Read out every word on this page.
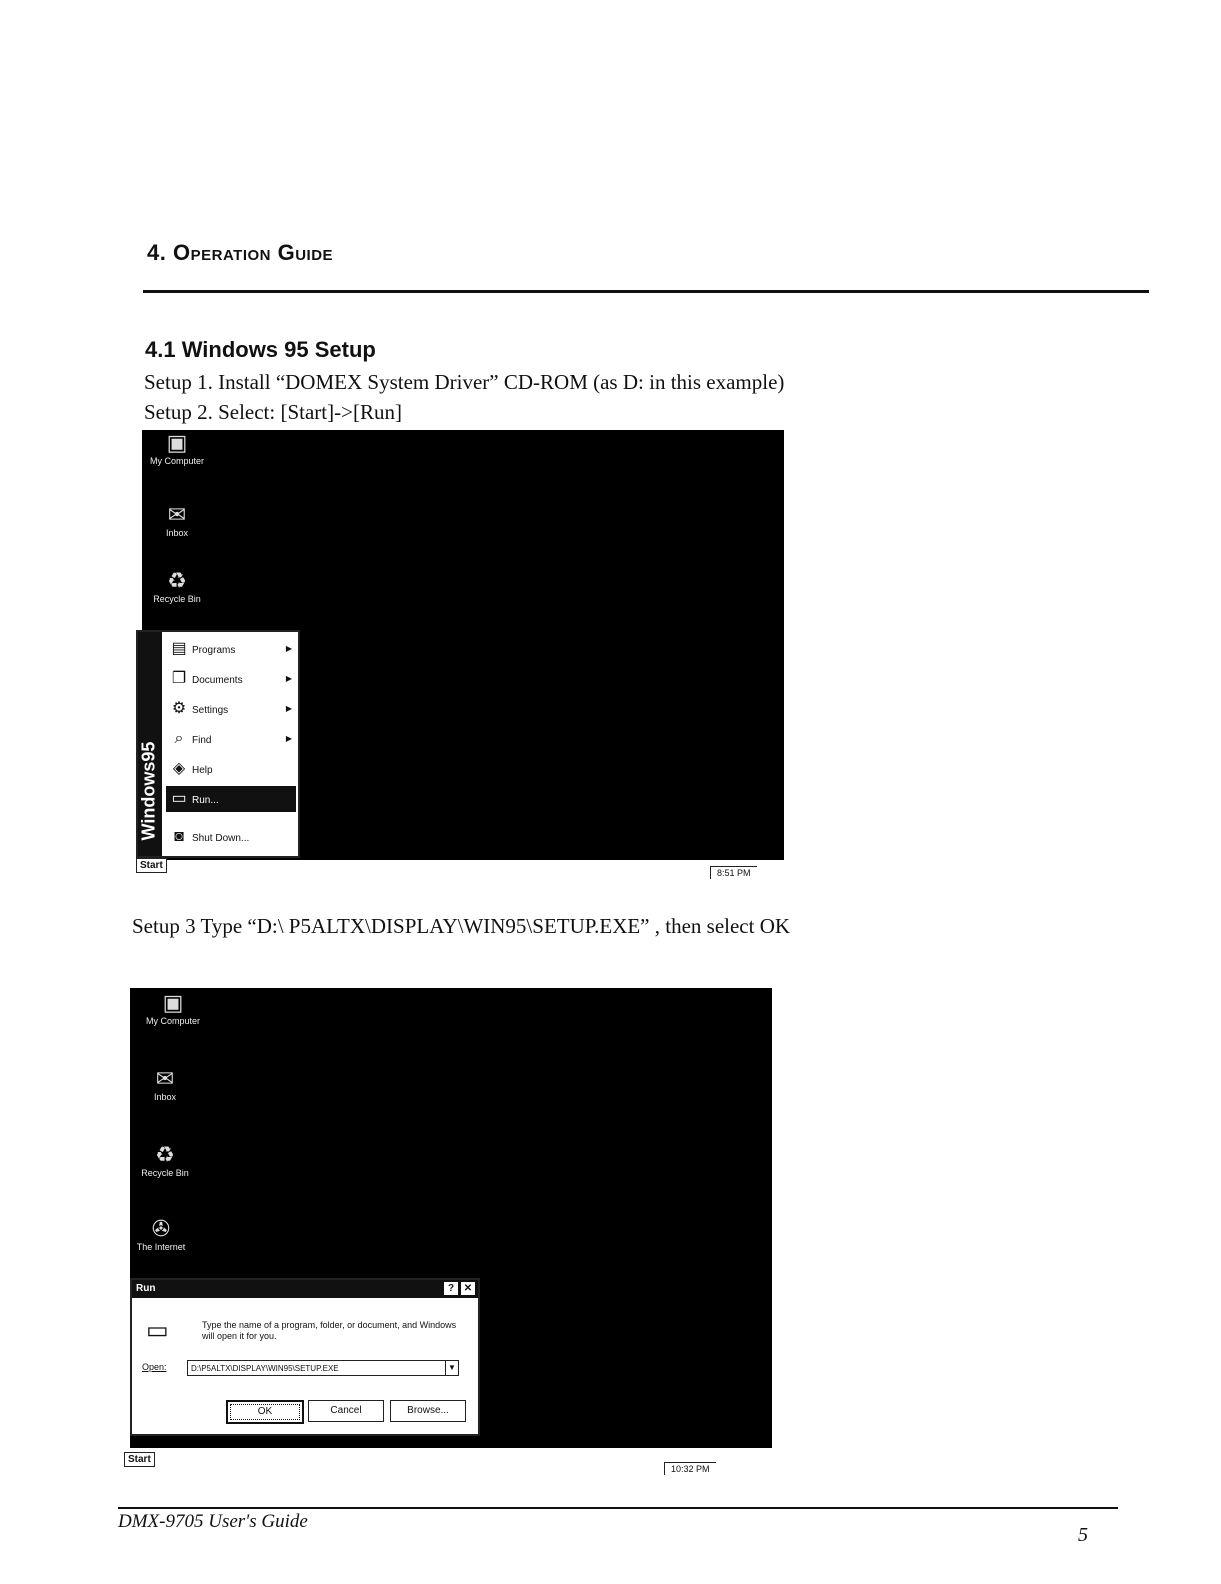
4. Operation Guide
4.1 Windows 95 Setup
Setup 1. Install “DOMEX System Driver” CD-ROM (as D: in this example)
Setup 2. Select: [Start]->[Run]
▣
My Computer
✉
Inbox
♻
Recycle Bin
Windows95
▤ Programs	▶
❐ Documents	▶
⚙ Settings	▶
⌕ Find	▶
◈ Help
▭ Run...
◙ Shut Down...
Start
8:51 PM
Setup 3 Type “D:\ P5ALTX\DISPLAY\WIN95\SETUP.EXE” , then select OK
▣
My Computer
✉
Inbox
♻
Recycle Bin
✇
The Internet
Run	? ✕
▭	Type the name of a program, folder, or document, and Windows will open it for you.
Open:	D:\P5ALTX\DISPLAY\WIN95\SETUP.EXE	▼
OK	Cancel	Browse...
Start
10:32 PM
DMX-9705 User's Guide
5
